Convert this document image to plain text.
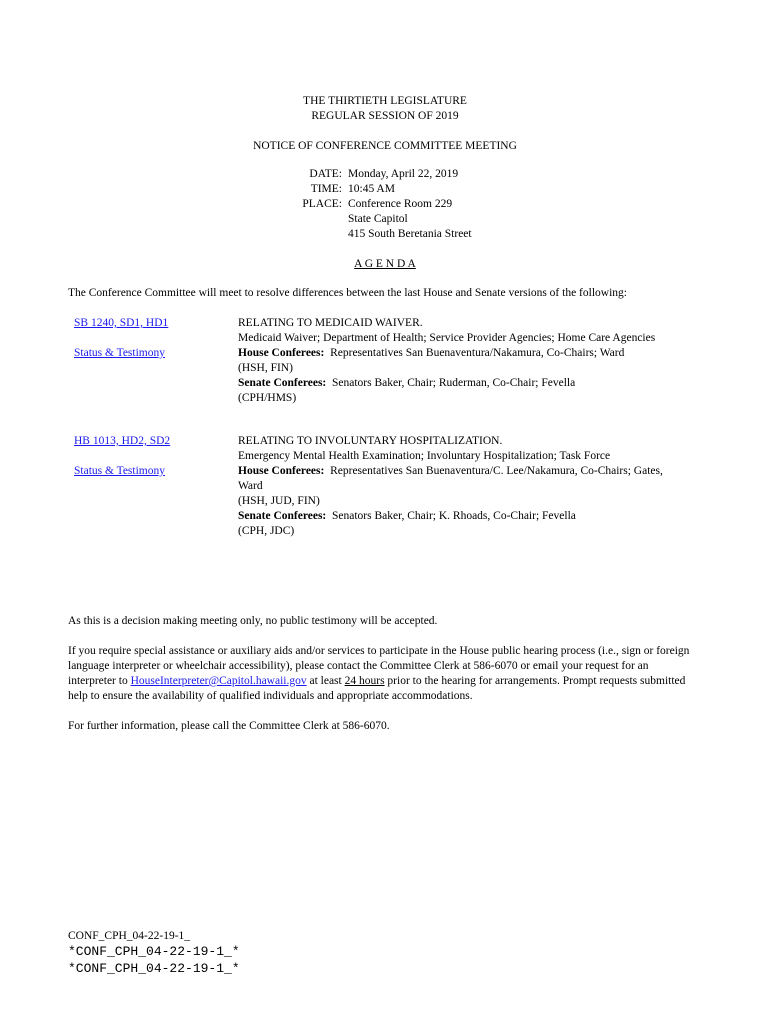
THE THIRTIETH LEGISLATURE
REGULAR SESSION OF 2019
NOTICE OF CONFERENCE COMMITTEE MEETING
DATE: Monday, April 22, 2019
TIME: 10:45 AM
PLACE: Conference Room 229
State Capitol
415 South Beretania Street
A G E N D A
The Conference Committee will meet to resolve differences between the last House and Senate versions of the following:
SB 1240, SD1, HD1
Status & Testimony
RELATING TO MEDICAID WAIVER.
Medicaid Waiver; Department of Health; Service Provider Agencies; Home Care Agencies
House Conferees: Representatives San Buenaventura/Nakamura, Co-Chairs; Ward
(HSH, FIN)
Senate Conferees: Senators Baker, Chair; Ruderman, Co-Chair; Fevella
(CPH/HMS)
HB 1013, HD2, SD2
Status & Testimony
RELATING TO INVOLUNTARY HOSPITALIZATION.
Emergency Mental Health Examination; Involuntary Hospitalization; Task Force
House Conferees: Representatives San Buenaventura/C. Lee/Nakamura, Co-Chairs; Gates, Ward
(HSH, JUD, FIN)
Senate Conferees: Senators Baker, Chair; K. Rhoads, Co-Chair; Fevella
(CPH, JDC)
As this is a decision making meeting only, no public testimony will be accepted.
If you require special assistance or auxiliary aids and/or services to participate in the House public hearing process (i.e., sign or foreign language interpreter or wheelchair accessibility), please contact the Committee Clerk at 586-6070 or email your request for an interpreter to HouseInterpreter@Capitol.hawaii.gov at least 24 hours prior to the hearing for arrangements. Prompt requests submitted help to ensure the availability of qualified individuals and appropriate accommodations.
For further information, please call the Committee Clerk at 586-6070.
CONF_CPH_04-22-19-1_
*CONF_CPH_04-22-19-1_*
*CONF_CPH_04-22-19-1_*
